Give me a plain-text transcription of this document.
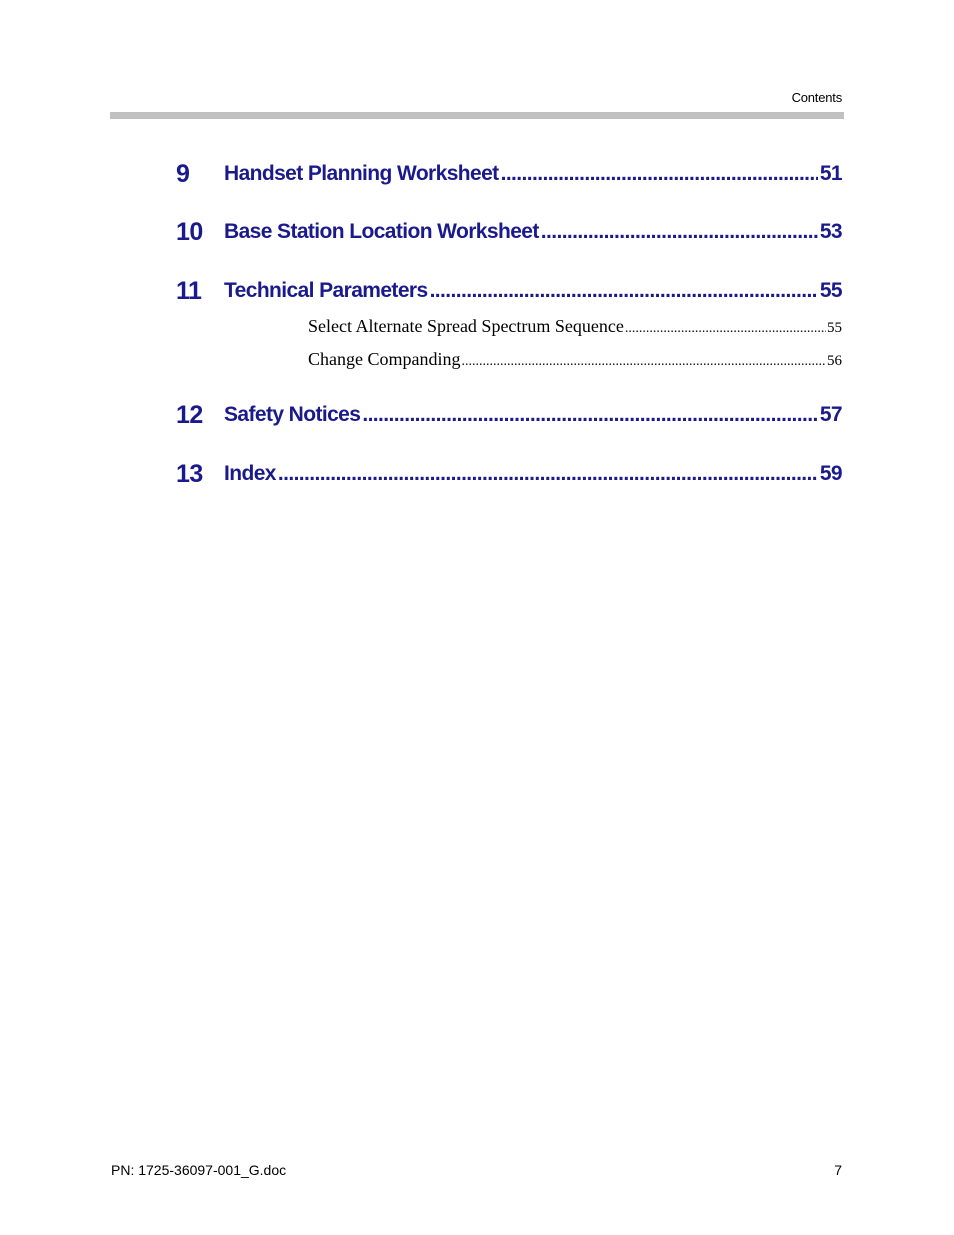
Contents
9	Handset Planning Worksheet .....	51
10	Base Station Location Worksheet .....	53
11	Technical Parameters .....	55
Select Alternate Spread Spectrum Sequence .....	55
Change Companding .....	56
12	Safety Notices .....	57
13	Index .....	59
PN: 1725-36097-001_G.doc	7
